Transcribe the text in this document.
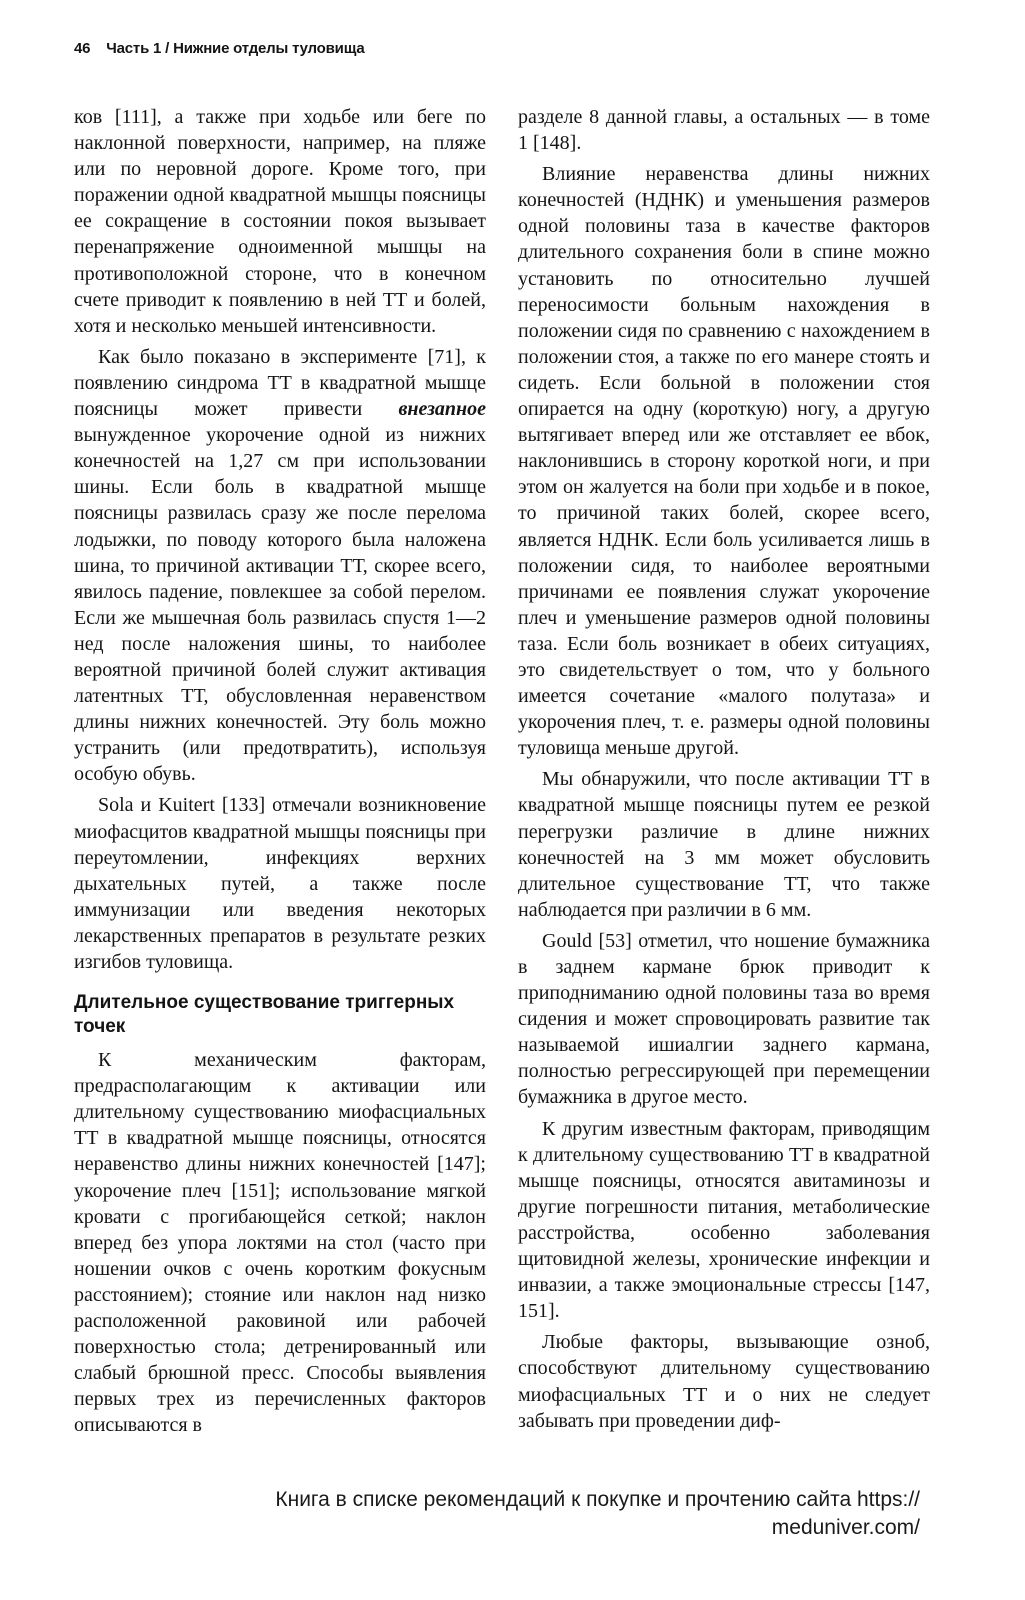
46 Часть 1 / Нижние отделы туловища

ков [111], а также при ходьбе или беге по наклонной поверхности, например, на пляже или по неровной дороге. Кроме того, при поражении одной квадратной мышцы поясницы ее сокращение в состоянии покоя вызывает перенапряжение одноименной мышцы на противоположной стороне, что в конечном счете приводит к появлению в ней ТТ и болей, хотя и несколько меньшей интенсивности.

Как было показано в эксперименте [71], к появлению синдрома ТТ в квадратной мышце поясницы может привести внезапное вынужденное укорочение одной из нижних конечностей на 1,27 см при использовании шины. Если боль в квадратной мышце поясницы развилась сразу же после перелома лодыжки, по поводу которого была наложена шина, то причиной активации ТТ, скорее всего, явилось падение, повлекшее за собой перелом. Если же мышечная боль развилась спустя 1—2 нед после наложения шины, то наиболее вероятной причиной болей служит активация латентных ТТ, обусловленная неравенством длины нижних конечностей. Эту боль можно устранить (или предотвратить), используя особую обувь.

Sola и Kuitert [133] отмечали возникновение миофасцитов квадратной мышцы поясницы при переутомлении, инфекциях верхних дыхательных путей, а также после иммунизации или введения некоторых лекарственных препаратов в результате резких изгибов туловища.

Длительное существование триггерных точек

К механическим факторам, предрасполагающим к активации или длительному существованию миофасциальных ТТ в квадратной мышце поясницы, относятся неравенство длины нижних конечностей [147]; укорочение плеч [151]; использование мягкой кровати с прогибающейся сеткой; наклон вперед без упора локтями на стол (часто при ношении очков с очень коротким фокусным расстоянием); стояние или наклон над низко расположенной раковиной или рабочей поверхностью стола; детренированный или слабый брюшной пресс. Способы выявления первых трех из перечисленных факторов описываются в

разделе 8 данной главы, а остальных — в томе 1 [148].

Влияние неравенства длины нижних конечностей (НДНК) и уменьшения размеров одной половины таза в качестве факторов длительного сохранения боли в спине можно установить по относительно лучшей переносимости больным нахождения в положении сидя по сравнению с нахождением в положении стоя, а также по его манере стоять и сидеть. Если больной в положении стоя опирается на одну (короткую) ногу, а другую вытягивает вперед или же отставляет ее вбок, наклонившись в сторону короткой ноги, и при этом он жалуется на боли при ходьбе и в покое, то причиной таких болей, скорее всего, является НДНК. Если боль усиливается лишь в положении сидя, то наиболее вероятными причинами ее появления служат укорочение плеч и уменьшение размеров одной половины таза. Если боль возникает в обеих ситуациях, это свидетельствует о том, что у больного имеется сочетание «малого полутаза» и укорочения плеч, т. е. размеры одной половины туловища меньше другой.

Мы обнаружили, что после активации ТТ в квадратной мышце поясницы путем ее резкой перегрузки различие в длине нижних конечностей на 3 мм может обусловить длительное существование ТТ, что также наблюдается при различии в 6 мм.

Gould [53] отметил, что ношение бумажника в заднем кармане брюк приводит к приподниманию одной половины таза во время сидения и может спровоцировать развитие так называемой ишиалгии заднего кармана, полностью регрессирующей при перемещении бумажника в другое место.

К другим известным факторам, приводящим к длительному существованию ТТ в квадратной мышце поясницы, относятся авитаминозы и другие погрешности питания, метаболические расстройства, особенно заболевания щитовидной железы, хронические инфекции и инвазии, а также эмоциональные стрессы [147, 151].

Любые факторы, вызывающие озноб, способствуют длительному существованию миофасциальных ТТ и о них не следует забывать при проведении диф-

Книга в списке рекомендаций к покупке и прочтению сайта https://
meduniver.com/
